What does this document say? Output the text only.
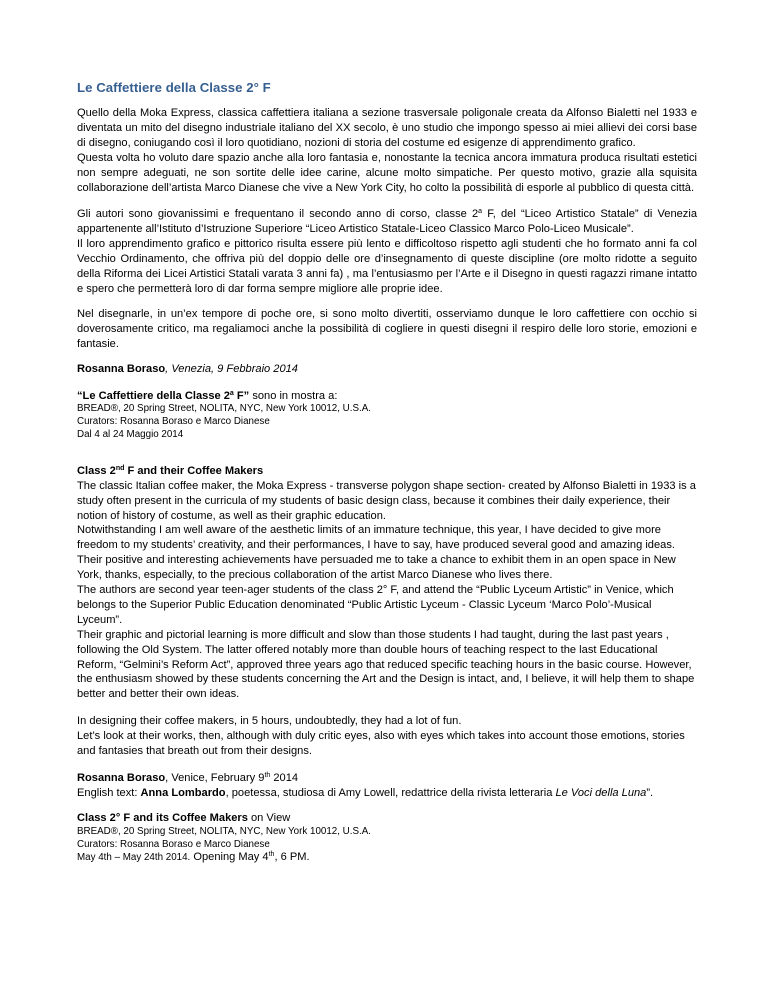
Le Caffettiere della Classe 2° F

Quello della Moka Express, classica caffettiera italiana a sezione trasversale poligonale creata da Alfonso Bialetti nel 1933 e diventata un mito del disegno industriale italiano del XX secolo, è uno studio che impongo spesso ai miei allievi dei corsi base di disegno, coniugando così il loro quotidiano, nozioni di storia del costume ed esigenze di apprendimento grafico.

Questa volta ho voluto dare spazio anche alla loro fantasia e, nonostante la tecnica ancora immatura produca risultati estetici non sempre adeguati, ne son sortite delle idee carine, alcune molto simpatiche. Per questo motivo, grazie alla squisita collaborazione dell’artista Marco Dianese che vive a New York City, ho colto la possibilità di esporle al pubblico di questa città.

Gli autori sono giovanissimi e frequentano il secondo anno di corso, classe 2$^a$ F, del “Liceo Artistico Statale” di Venezia appartenente all’Istituto d’Istruzione Superiore “Liceo Artistico Statale-Liceo Classico Marco Polo-Liceo Musicale”.

Il loro apprendimento grafico e pittorico risulta essere più lento e difficoltoso rispetto agli studenti che ho formato anni fa col Vecchio Ordinamento, che offriva più del doppio delle ore d’insegnamento di queste discipline (ore molto ridotte a seguito della Riforma dei Licei Artistici Statali varata 3 anni fa) , ma l’entusiasmo per l’Arte e il Disegno in questi ragazzi rimane intatto e spero che permetterà loro di dar forma sempre migliore alle proprie idee.

Nel disegnarle, in un’ex tempore di poche ore, si sono molto divertiti, osserviamo dunque le loro caffettiere con occhio si doverosamente critico, ma regaliamoci anche la possibilità di cogliere in questi disegni il respiro delle loro storie, emozioni e fantasie.

Rosanna Boraso, Venezia, 9 Febbraio 2014

“Le Caffettiere della Classe 2$^a$ F” sono in mostra a:

BREAD®, 20 Spring Street, NOLITA, NYC, New York 10012, U.S.A.

Curators: Rosanna Boraso e Marco Dianese

Dal 4 al 24 Maggio 2014

Class 2nd F and their Coffee Makers

The classic Italian coffee maker, the Moka Express - transverse polygon shape section- created by Alfonso Bialetti in 1933 is a study often present in the curricula of my students of basic design class, because it combines their daily experience, their notion of history of costume, as well as their graphic education.

Notwithstanding I am well aware of the aesthetic limits of an immature technique, this year, I have decided to give more freedom to my students’ creativity, and their performances, I have to say, have produced several good and amazing ideas.

Their positive and interesting achievements have persuaded me to take a chance to exhibit them in an open space in New York, thanks, especially, to the precious collaboration of the artist Marco Dianese who lives there.

The authors are second year teen-ager students of the class 2° F, and attend the “Public Lyceum Artistic” in Venice, which belongs to the Superior Public Education denominated “Public Artistic Lyceum - Classic Lyceum ‘Marco Polo’-Musical Lyceum”.

Their graphic and pictorial learning is more difficult and slow than those students I had taught, during the last past years , following the Old System. The latter offered notably more than double hours of teaching respect to the last Educational Reform, “Gelmini’s Reform Act”, approved three years ago that reduced specific teaching hours in the basic course. However, the enthusiasm showed by these students concerning the Art and the Design is intact, and, I believe, it will help them to shape better and better their own ideas.

In designing their coffee makers, in 5 hours, undoubtedly, they had a lot of fun.

Let’s look at their works, then, although with duly critic eyes, also with eyes which takes into account those emotions, stories and fantasies that breath out from their designs.

Rosanna Boraso, Venice, February 9th 2014

English text: Anna Lombardo, poetessa, studiosa di Amy Lowell, redattrice della rivista letteraria Le Voci della Luna”.

Class 2° F and its Coffee Makers on View

BREAD®, 20 Spring Street, NOLITA, NYC, New York 10012, U.S.A.

Curators: Rosanna Boraso e Marco Dianese

May 4th – May 24th 2014. Opening May 4th, 6 PM.
